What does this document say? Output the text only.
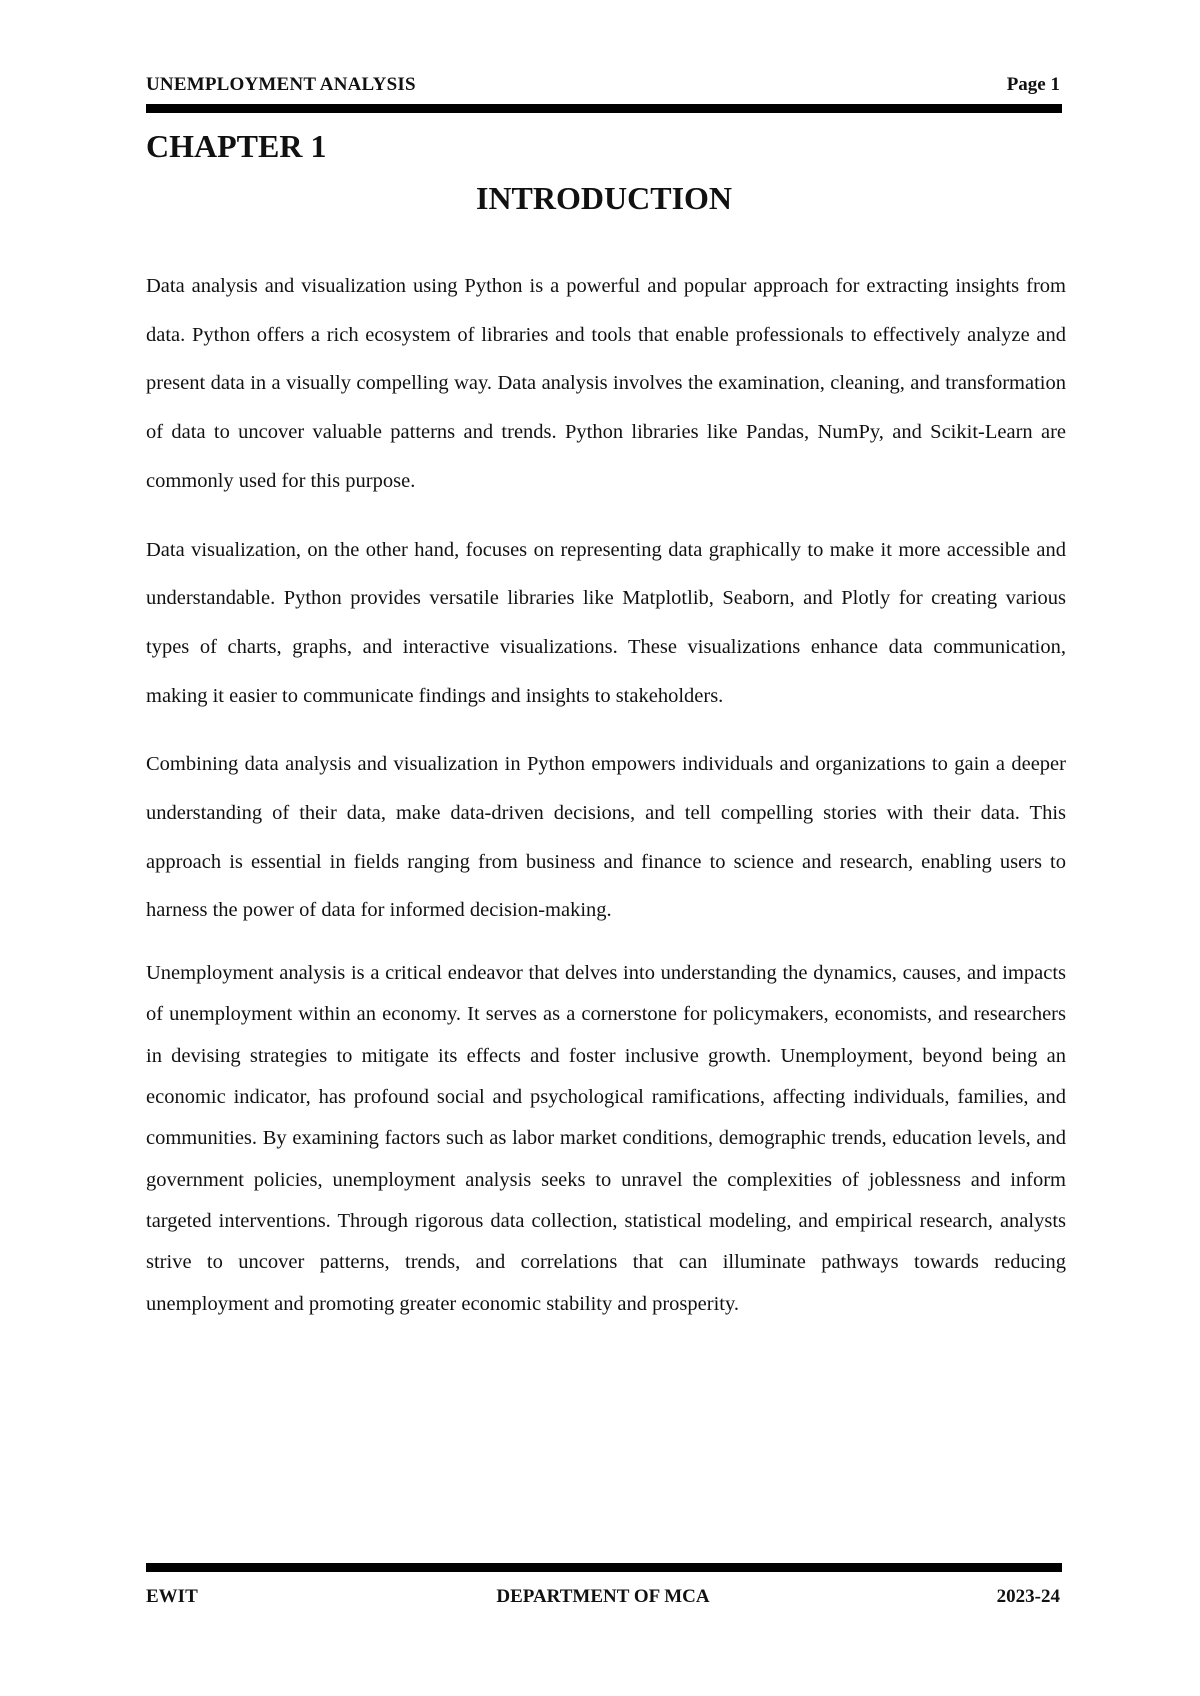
UNEMPLOYMENT ANALYSIS	Page 1
CHAPTER 1
INTRODUCTION

Data analysis and visualization using Python is a powerful and popular approach for extracting insights from data. Python offers a rich ecosystem of libraries and tools that enable professionals to effectively analyze and present data in a visually compelling way. Data analysis involves the examination, cleaning, and transformation of data to uncover valuable patterns and trends. Python libraries like Pandas, NumPy, and Scikit-Learn are commonly used for this purpose.

Data visualization, on the other hand, focuses on representing data graphically to make it more accessible and understandable. Python provides versatile libraries like Matplotlib, Seaborn, and Plotly for creating various types of charts, graphs, and interactive visualizations. These visualizations enhance data communication, making it easier to communicate findings and insights to stakeholders.

Combining data analysis and visualization in Python empowers individuals and organizations to gain a deeper understanding of their data, make data-driven decisions, and tell compelling stories with their data. This approach is essential in fields ranging from business and finance to science and research, enabling users to harness the power of data for informed decision-making.

Unemployment analysis is a critical endeavor that delves into understanding the dynamics, causes, and impacts of unemployment within an economy. It serves as a cornerstone for policymakers, economists, and researchers in devising strategies to mitigate its effects and foster inclusive growth. Unemployment, beyond being an economic indicator, has profound social and psychological ramifications, affecting individuals, families, and communities. By examining factors such as labor market conditions, demographic trends, education levels, and government policies, unemployment analysis seeks to unravel the complexities of joblessness and inform targeted interventions. Through rigorous data collection, statistical modeling, and empirical research, analysts strive to uncover patterns, trends, and correlations that can illuminate pathways towards reducing unemployment and promoting greater economic stability and prosperity.

EWIT	DEPARTMENT OF MCA	2023-24
